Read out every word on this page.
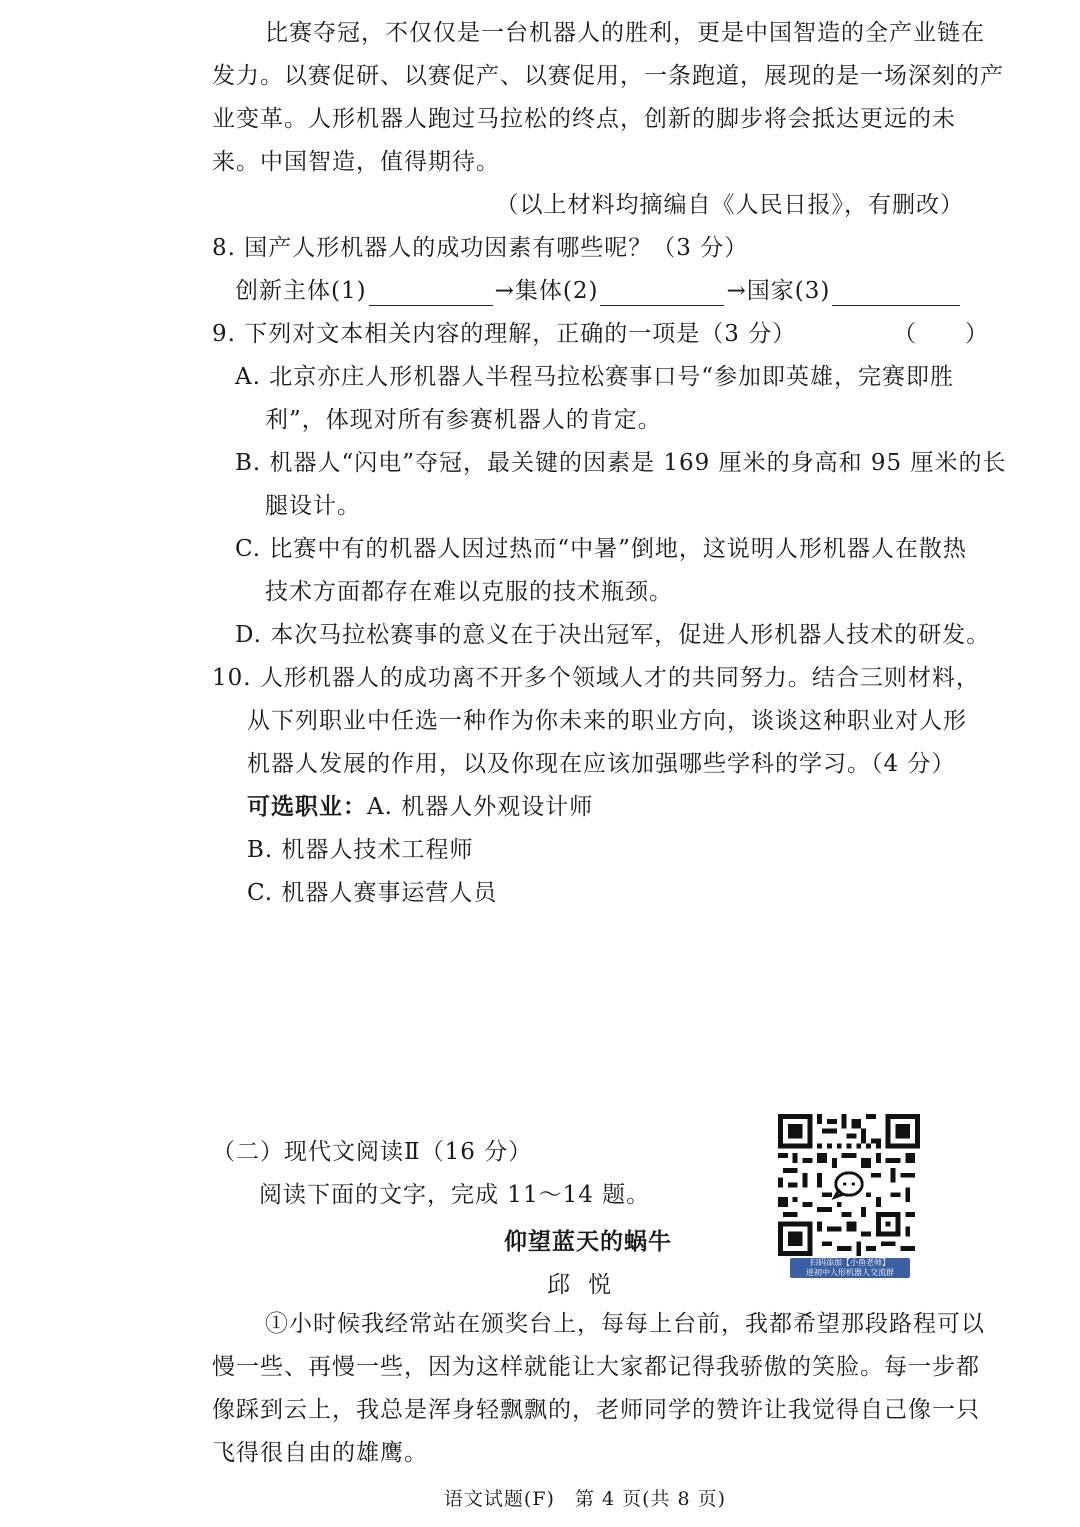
比赛夺冠，不仅仅是一台机器人的胜利，更是中国智造的全产业链在
发力。以赛促研、以赛促产、以赛促用，一条跑道，展现的是一场深刻的产
业变革。人形机器人跑过马拉松的终点，创新的脚步将会抵达更远的未
来。中国智造，值得期待。
（以上材料均摘编自《人民日报》，有删改）
8. 国产人形机器人的成功因素有哪些呢？（3 分）
创新主体(1)	→集体(2)	→国家(3)
9. 下列对文本相关内容的理解，正确的一项是（3 分）	（　　）
A. 北京亦庄人形机器人半程马拉松赛事口号“参加即英雄，完赛即胜
利”，体现对所有参赛机器人的肯定。
B. 机器人“闪电”夺冠，最关键的因素是 169 厘米的身高和 95 厘米的长
腿设计。
C. 比赛中有的机器人因过热而“中暑”倒地，这说明人形机器人在散热
技术方面都存在难以克服的技术瓶颈。
D. 本次马拉松赛事的意义在于决出冠军，促进人形机器人技术的研发。
10. 人形机器人的成功离不开多个领域人才的共同努力。结合三则材料，
从下列职业中任选一种作为你未来的职业方向，谈谈这种职业对人形
机器人发展的作用，以及你现在应该加强哪些学科的学习。（4 分）
可选职业：A. 机器人外观设计师
B. 机器人技术工程师
C. 机器人赛事运营人员
（二）现代文阅读Ⅱ（16 分）
阅读下面的文字，完成 11～14 题。
仰望蓝天的蜗牛
邱悦
①小时候我经常站在颁奖台上，每每上台前，我都希望那段路程可以
慢一些、再慢一些，因为这样就能让大家都记得我骄傲的笑脸。每一步都
像踩到云上，我总是浑身轻飘飘的，老师同学的赞许让我觉得自己像一只
飞得很自由的雄鹰。
扫码添加【小鱼老师】
进初中人形机器人交流群
语文试题(F)　第 4 页(共 8 页)
